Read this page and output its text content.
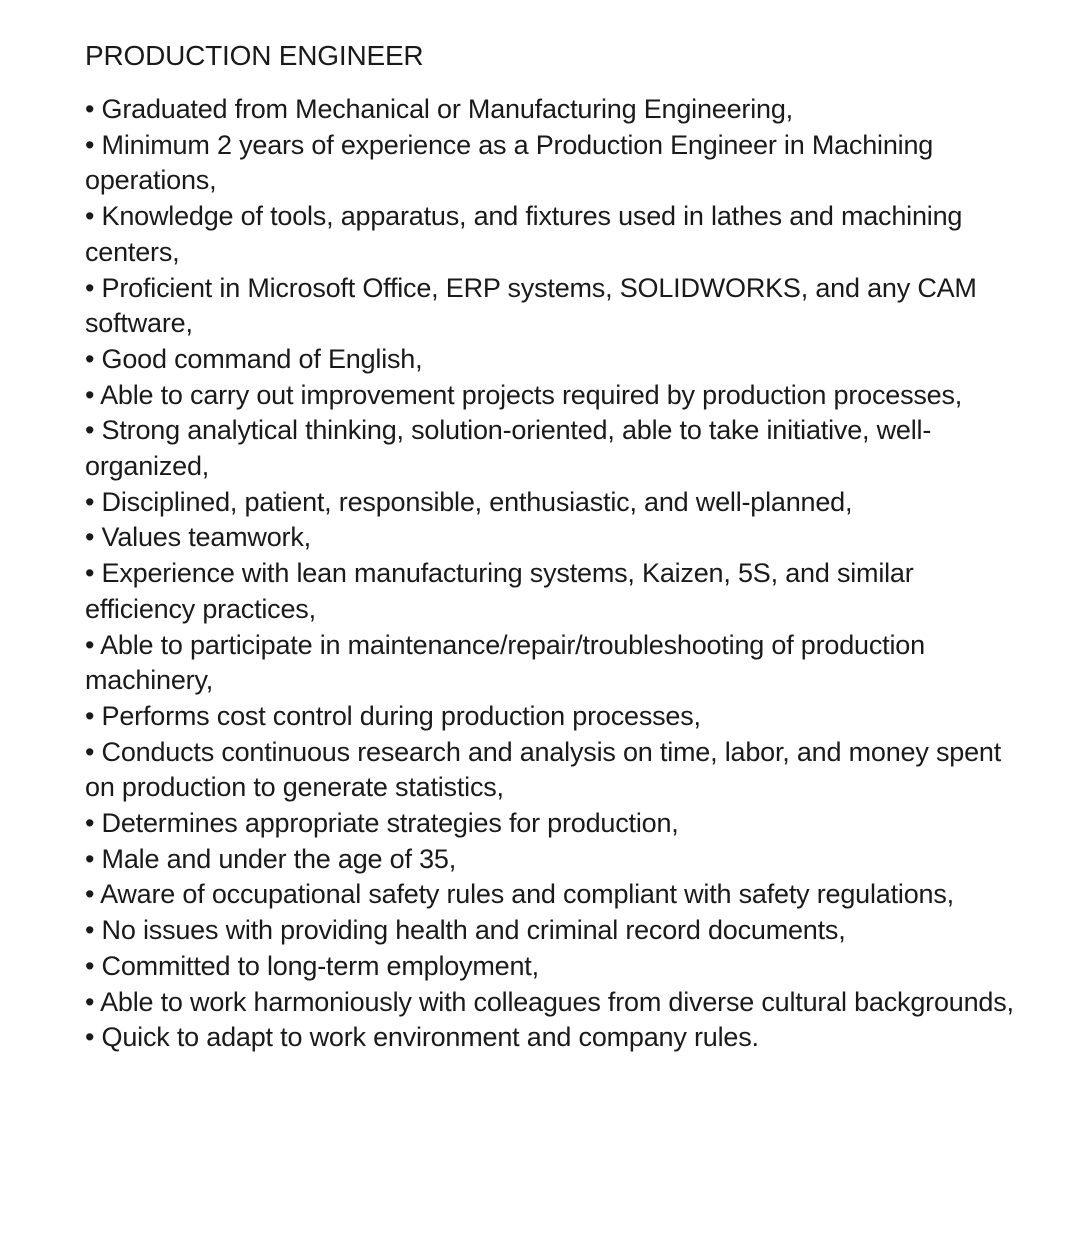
PRODUCTION ENGINEER
• Graduated from Mechanical or Manufacturing Engineering,
• Minimum 2 years of experience as a Production Engineer in Machining operations,
• Knowledge of tools, apparatus, and fixtures used in lathes and machining centers,
• Proficient in Microsoft Office, ERP systems, SOLIDWORKS, and any CAM software,
• Good command of English,
• Able to carry out improvement projects required by production processes,
• Strong analytical thinking, solution-oriented, able to take initiative, well-organized,
• Disciplined, patient, responsible, enthusiastic, and well-planned,
• Values teamwork,
• Experience with lean manufacturing systems, Kaizen, 5S, and similar efficiency practices,
• Able to participate in maintenance/repair/troubleshooting of production machinery,
• Performs cost control during production processes,
• Conducts continuous research and analysis on time, labor, and money spent on production to generate statistics,
• Determines appropriate strategies for production,
• Male and under the age of 35,
• Aware of occupational safety rules and compliant with safety regulations,
• No issues with providing health and criminal record documents,
• Committed to long-term employment,
• Able to work harmoniously with colleagues from diverse cultural backgrounds,
• Quick to adapt to work environment and company rules.
